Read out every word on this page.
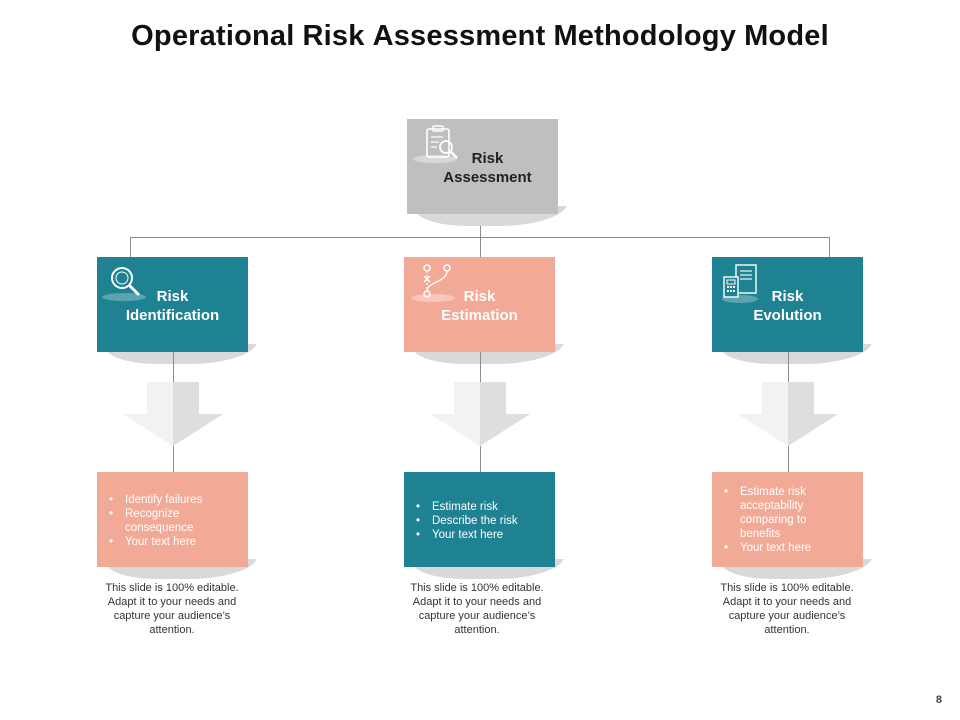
Operational Risk Assessment Methodology Model
Risk
Assessment
Risk
Identification
Risk
Estimation
Risk
Evolution
• Identify failures
• Recognize consequence
• Your text here
• Estimate risk
• Describe the risk
• Your text here
• Estimate risk acceptability comparing to benefits
• Your text here
This slide is 100% editable. Adapt it to your needs and capture your audience’s attention.
This slide is 100% editable. Adapt it to your needs and capture your audience’s attention.
This slide is 100% editable. Adapt it to your needs and capture your audience’s attention.
8
